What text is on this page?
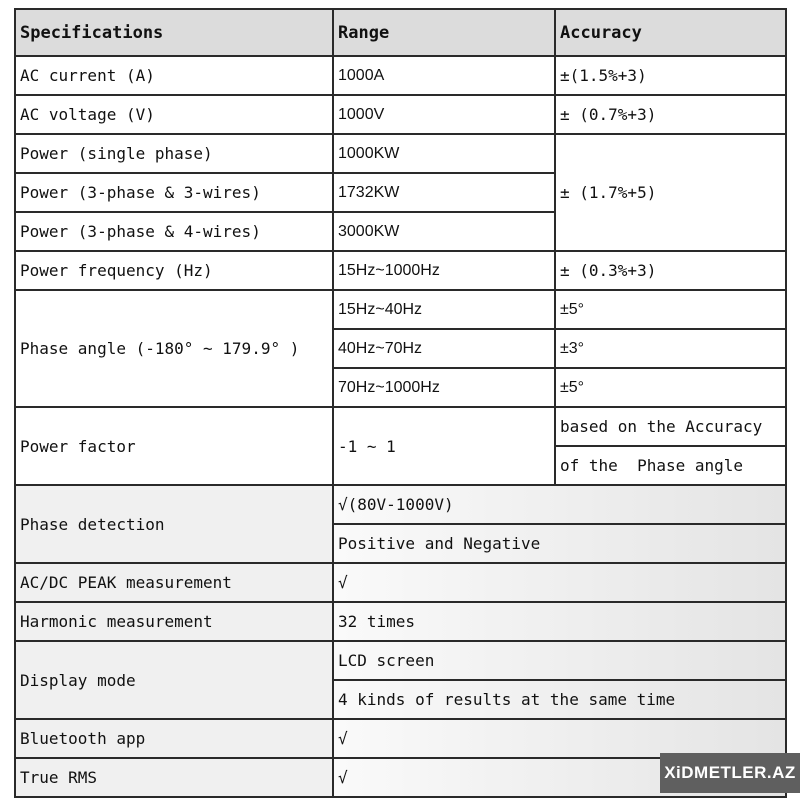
Specifications	Range	Accuracy
AC current (A)	1000A	±(1.5%+3)
AC voltage (V)	1000V	± (0.7%+3)
Power (single phase)	1000KW	± (1.7%+5)
Power (3-phase & 3-wires)	1732KW	
Power (3-phase & 4-wires)	3000KW	
Power frequency (Hz)	15Hz~1000Hz	± (0.3%+3)
Phase angle (-180° ~ 179.9° )	15Hz~40Hz	±5°
	40Hz~70Hz	±3°
	70Hz~1000Hz	±5°
Power factor	-1 ~ 1	based on the Accuracy
		of the  Phase angle
Phase detection	√(80V-1000V)	
	Positive and Negative	
AC/DC PEAK measurement	√	
Harmonic measurement	32 times	
Display mode	LCD screen	
	4 kinds of results at the same time	
Bluetooth app	√	
True RMS	√		XiDMETLER.AZ
